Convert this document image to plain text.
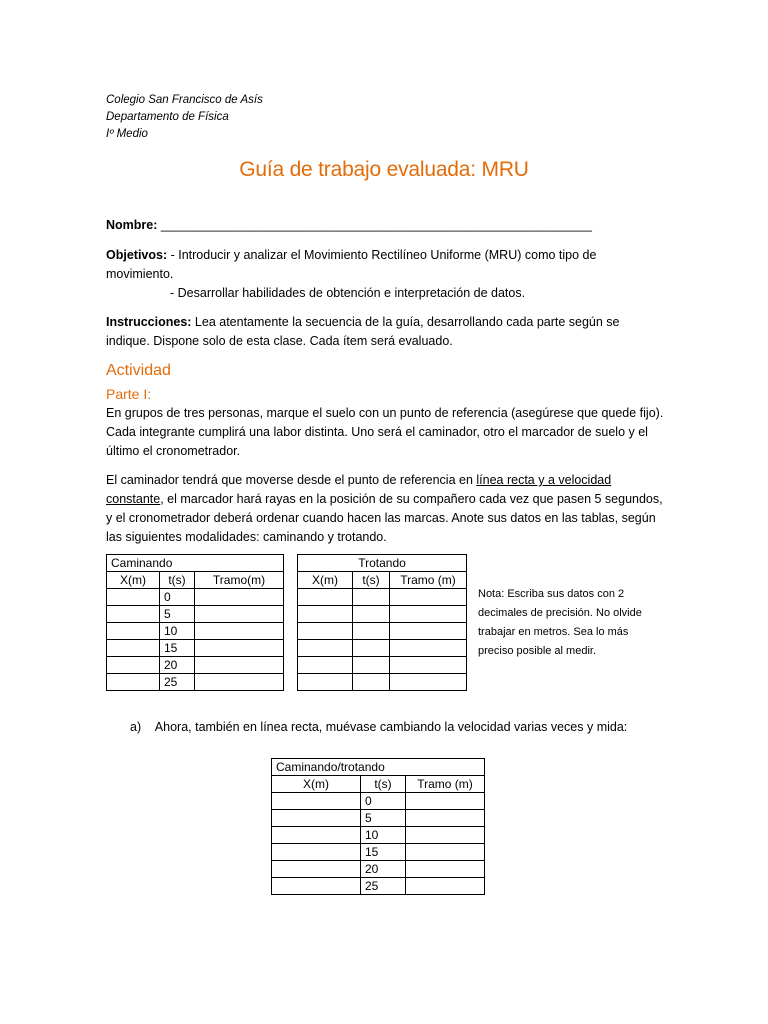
Colegio San Francisco de Asís
Departamento de Física
Iº Medio
Guía de trabajo evaluada: MRU
Nombre: ______________________________________________________________
Objetivos: - Introducir y analizar el Movimiento Rectilíneo Uniforme (MRU) como tipo de movimiento.
- Desarrollar habilidades de obtención e interpretación de datos.
Instrucciones: Lea atentamente la secuencia de la guía, desarrollando cada parte según se indique. Dispone solo de esta clase. Cada ítem será evaluado.
Actividad
Parte I:
En grupos de tres personas, marque el suelo con un punto de referencia (asegúrese que quede fijo). Cada integrante cumplirá una labor distinta. Uno será el caminador, otro el marcador de suelo y el último el cronometrador.
El caminador tendrá que moverse desde el punto de referencia en línea recta y a velocidad constante, el marcador hará rayas en la posición de su compañero cada vez que pasen 5 segundos, y el cronometrador deberá ordenar cuando hacen las marcas. Anote sus datos en las tablas, según las siguientes modalidades: caminando y trotando.
Caminando		
X(m)	t(s)	Tramo(m)
	0	
	5	
	10	
	15	
	20	
	25	
Trotando		
X(m)	t(s)	Tramo (m)

Nota: Escriba sus datos con 2 decimales de precisión. No olvide trabajar en metros. Sea lo más preciso posible al medir.
a) Ahora, también en línea recta, muévase cambiando la velocidad varias veces y mida:
Caminando/trotando		
X(m)	t(s)	Tramo (m)
	0	
	5	
	10	
	15	
	20	
	25	
